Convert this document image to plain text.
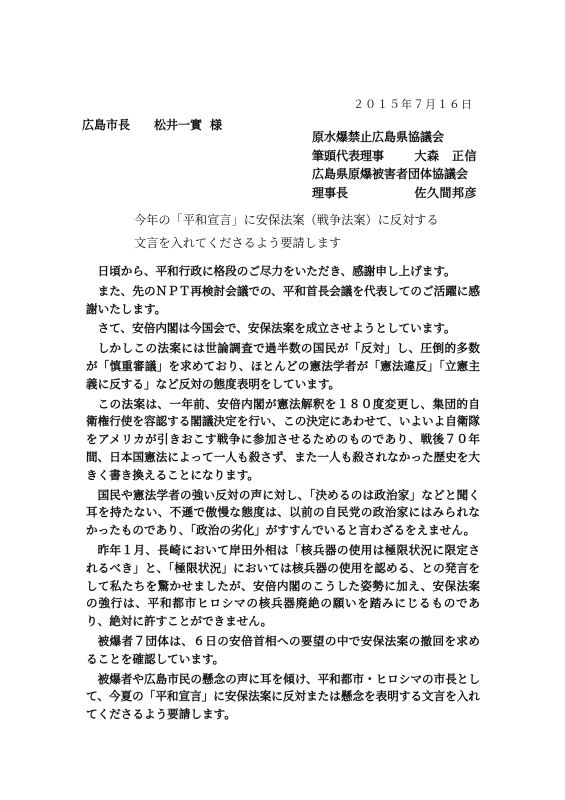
２０１５年７月１６日
広島市長　　松井一實 様
原水爆禁止広島県協議会
筆頭代表理事	大森　正信
広島県原爆被害者団体協議会
理事長	佐久間邦彦
今年の「平和宣言」に安保法案（戦争法案）に反対する
文言を入れてくださるよう要請します

日頃から、平和行政に格段のご尽力をいただき、感謝申し上げます。

また、先のＮＰＴ再検討会議での、平和首長会議を代表してのご活躍に感謝いたします。

さて、安倍内閣は今国会で、安保法案を成立させようとしています。

しかしこの法案には世論調査で過半数の国民が「反対」し、圧倒的多数が「慎重審議」を求めており、ほとんどの憲法学者が「憲法違反」「立憲主義に反する」など反対の態度表明をしています。

この法案は、一年前、安倍内閣が憲法解釈を１８０度変更し、集団的自衛権行使を容認する閣議決定を行い、この決定にあわせて、いよいよ自衛隊をアメリカが引きおこす戦争に参加させるためのものであり、戦後７０年間、日本国憲法によって一人も殺さず、また一人も殺されなかった歴史を大きく書き換えることになります。

国民や憲法学者の強い反対の声に対し、「決めるのは政治家」などと聞く耳を持たない、不遜で傲慢な態度は、以前の自民党の政治家にはみられなかったものであり、「政治の劣化」がすすんでいると言わざるをえません。

昨年１月、長崎において岸田外相は「核兵器の使用は極限状況に限定されるべき」と、「極限状況」においては核兵器の使用を認める、との発言をして私たちを驚かせましたが、安倍内閣のこうした姿勢に加え、安保法案の強行は、平和都市ヒロシマの核兵器廃絶の願いを踏みにじるものであり、絶対に許すことができません。

被爆者７団体は、６日の安倍首相への要望の中で安保法案の撤回を求めることを確認しています。

被爆者や広島市民の懸念の声に耳を傾け、平和都市・ヒロシマの市長として、今夏の「平和宣言」に安保法案に反対または懸念を表明する文言を入れてくださるよう要請します。
